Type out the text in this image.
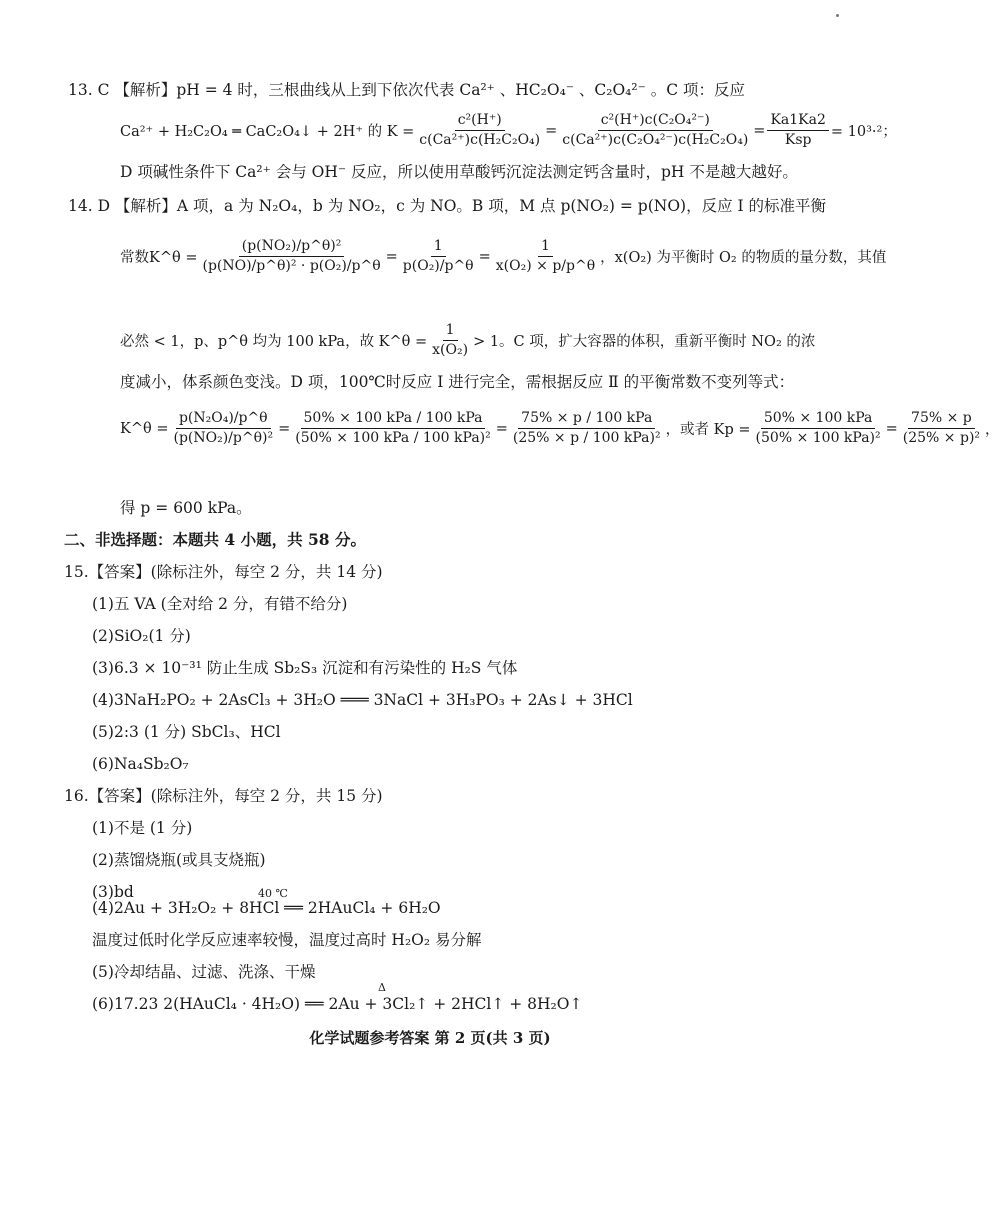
13. C 【解析】pH = 4 时，三根曲线从上到下依次代表 Ca²⁺ 、HC₂O₄⁻ 、C₂O₄²⁻ 。C 项：反应
Ca²⁺ + H₂C₂O₄ ═ CaC₂O₄↓ + 2H⁺ 的 $K = \frac{\text{c²(H⁺)}}{\text{c(Ca²⁺)c(H₂C₂O₄)}} = \frac{\text{c²(H⁺)c(C₂O₄²⁻)}}{\text{c(Ca²⁺)c(C₂O₄²⁻)c(H₂C₂O₄)}} = \frac{Ka1Ka2}{\text{Ksp}} = 10^3\cdot^2$；
D 项碱性条件下 Ca²⁺ 会与 OH⁻ 反应，所以使用草酸钙沉淀法测定钙含量时，pH 不是越大越好。
14. D 【解析】A 项，a 为 N₂O₄，b 为 NO₂，c 为 NO。B 项，M 点 p(NO₂) = p(NO)，反应 Ⅰ 的标准平衡
常数K^θ = $\frac{\text{(p(NO₂)/p\textasciicircum{}θ)²}}{\text{(p(NO)/p\textasciicircum{}θ)² · p(O₂)/p\textasciicircum{}θ}} = \frac{1}{\text{p(O₂)/p\textasciicircum{}θ}} = \frac{1}{\text{x(O₂) × p/p\textasciicircum{}θ}}$ ，x(O₂) 为平衡时 O₂ 的物质的量分数，其值
必然 < 1，p、p^θ 均为 100 kPa，故 K^θ = $\frac{1}{\text{x(O₂)}} > 1$。C 项，扩大容器的体积，重新平衡时 NO₂ 的浓
度减小，体系颜色变浅。D 项，100℃时反应 Ⅰ 进行完全，需根据反应 Ⅱ 的平衡常数不变列等式：
K^θ = $\frac{\text{p(N₂O₄)/p\textasciicircum{}θ}}{\text{(p(NO₂)/p\textasciicircum{}θ)²}} = \frac{\text{50\% × 100 kPa / 100 kPa}}{\text{(50\% × 100 kPa / 100 kPa)²}} = \frac{\text{75\% × p / 100 kPa}}{\text{(25\% × p / 100 kPa)²}}$ ，或者 $Kp = \frac{\text{50\% × 100 kPa}}{\text{(50\% × 100 kPa)²}} = \frac{75\% \times p}{\text{(25\% × p)²}}$ ，
得 p = 600 kPa。
二、非选择题：本题共 4 小题，共 58 分。
15.【答案】(除标注外，每空 2 分，共 14 分)
(1)五 VA (全对给 2 分，有错不给分)
(2)SiO₂(1 分)
(3)6.3 × 10⁻³¹ 防止生成 Sb₂S₃ 沉淀和有污染性的 H₂S 气体
(4)3NaH₂PO₂ + 2AsCl₃ + 3H₂O ═══ 3NaCl + 3H₃PO₃ + 2As↓ + 3HCl
(5)2:3 (1 分) SbCl₃、HCl
(6)Na₄Sb₂O₇
16.【答案】(除标注外，每空 2 分，共 15 分)
(1)不是 (1 分)
(2)蒸馏烧瓶(或具支烧瓶)
(3)bd	40 ℃
(4)2Au + 3H₂O₂ + 8HCl ══ 2HAuCl₄ + 6H₂O
温度过低时化学反应速率较慢，温度过高时 H₂O₂ 易分解
(5)冷却结晶、过滤、洗涤、干燥
Δ
(6)17.23 2(HAuCl₄ · 4H₂O) ══ 2Au + 3Cl₂↑ + 2HCl↑ + 8H₂O↑
化学试题参考答案 第 2 页(共 3 页)
